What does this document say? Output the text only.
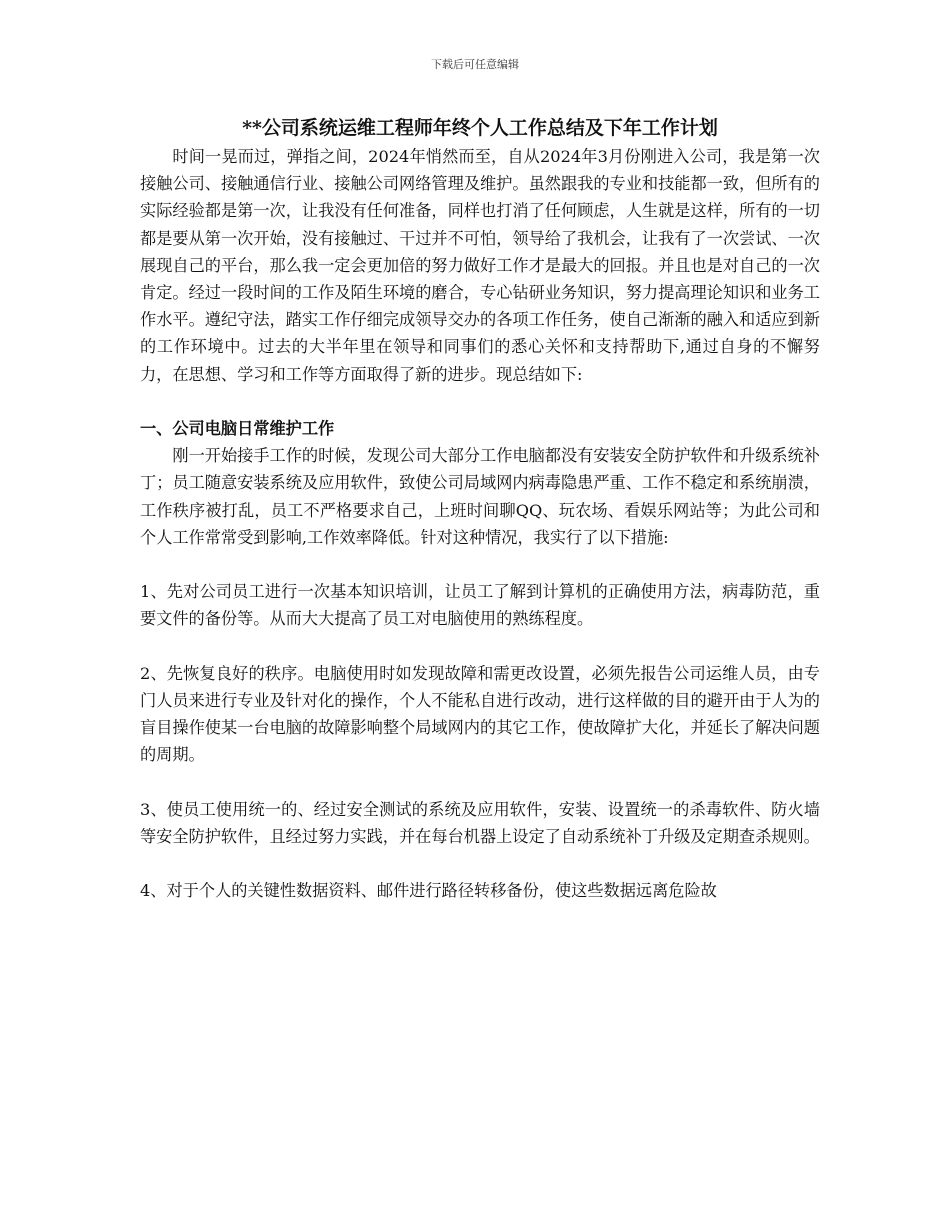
下载后可任意编辑
**公司系统运维工程师年终个人工作总结及下年工作计划

时间一晃而过，弹指之间，2024年悄然而至，自从2024年3月份刚进入公司，我是第一次接触公司、接触通信行业、接触公司网络管理及维护。虽然跟我的专业和技能都一致，但所有的实际经验都是第一次，让我没有任何准备，同样也打消了任何顾虑，人生就是这样，所有的一切都是要从第一次开始，没有接触过、干过并不可怕，领导给了我机会，让我有了一次尝试、一次展现自己的平台，那么我一定会更加倍的努力做好工作才是最大的回报。并且也是对自己的一次肯定。经过一段时间的工作及陌生环境的磨合，专心钻研业务知识，努力提高理论知识和业务工作水平。遵纪守法，踏实工作仔细完成领导交办的各项工作任务，使自己渐渐的融入和适应到新的工作环境中。过去的大半年里在领导和同事们的悉心关怀和支持帮助下,通过自身的不懈努力，在思想、学习和工作等方面取得了新的进步。现总结如下:

一、公司电脑日常维护工作

刚一开始接手工作的时候，发现公司大部分工作电脑都没有安装安全防护软件和升级系统补丁；员工随意安装系统及应用软件，致使公司局域网内病毒隐患严重、工作不稳定和系统崩溃，工作秩序被打乱，员工不严格要求自己，上班时间聊QQ、玩农场、看娱乐网站等；为此公司和个人工作常常受到影响,工作效率降低。针对这种情况，我实行了以下措施:

1、先对公司员工进行一次基本知识培训，让员工了解到计算机的正确使用方法，病毒防范，重要文件的备份等。从而大大提高了员工对电脑使用的熟练程度。

2、先恢复良好的秩序。电脑使用时如发现故障和需更改设置，必须先报告公司运维人员，由专门人员来进行专业及针对化的操作，个人不能私自进行改动，进行这样做的目的避开由于人为的盲目操作使某一台电脑的故障影响整个局域网内的其它工作，使故障扩大化，并延长了解决问题的周期。

3、使员工使用统一的、经过安全测试的系统及应用软件，安装、设置统一的杀毒软件、防火墙等安全防护软件，且经过努力实践，并在每台机器上设定了自动系统补丁升级及定期查杀规则。

4、对于个人的关键性数据资料、邮件进行路径转移备份，使这些数据远离危险故
